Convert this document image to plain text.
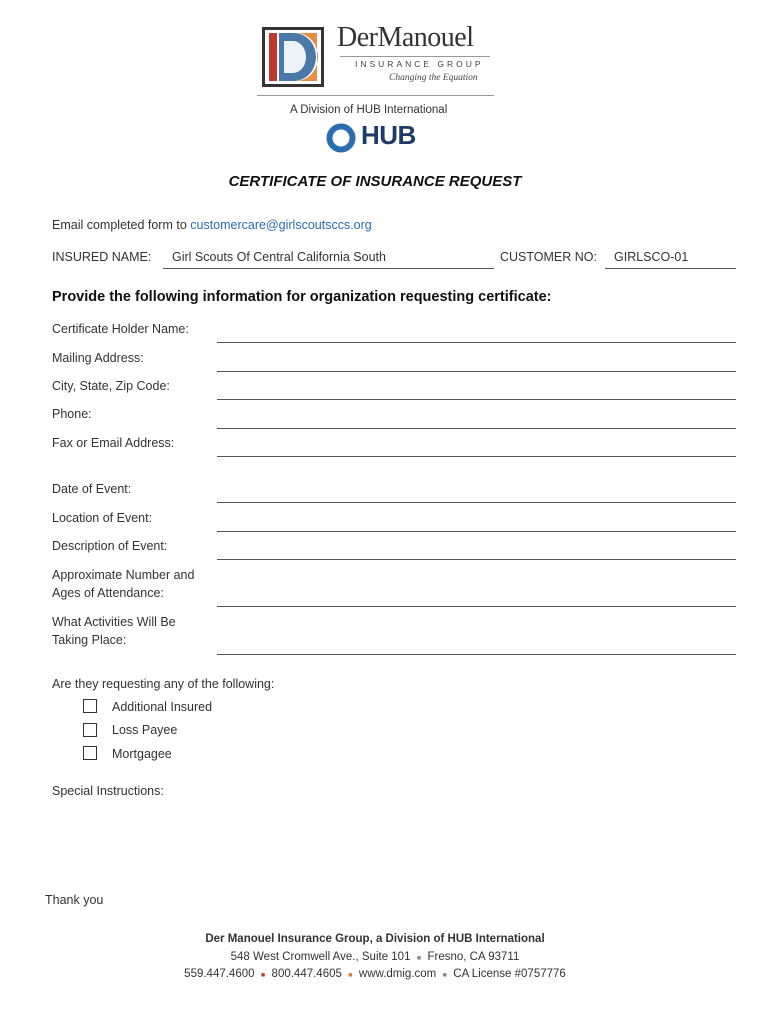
DerManouel
INSURANCE GROUP
Changing the Equation
A Division of HUB International
HUB
CERTIFICATE OF INSURANCE REQUEST
Email completed form to customercare@girlscoutsccs.org
INSURED NAME: Girl Scouts Of Central California South	CUSTOMER NO: GIRLSCO-01
Provide the following information for organization requesting certificate:
Certificate Holder Name:
Mailing Address:
City, State, Zip Code:
Phone:
Fax or Email Address:
Date of Event:
Location of Event:
Description of Event:
Approximate Number and
Ages of Attendance:
What Activities Will Be
Taking Place:
Are they requesting any of the following:
Additional Insured
Loss Payee
Mortgagee
Special Instructions:
Thank you
Der Manouel Insurance Group, a Division of HUB International
548 West Cromwell Ave., Suite 101 ■ Fresno, CA 93711
559.447.4600 ■ 800.447.4605 ■ www.dmig.com ■ CA License #0757776
